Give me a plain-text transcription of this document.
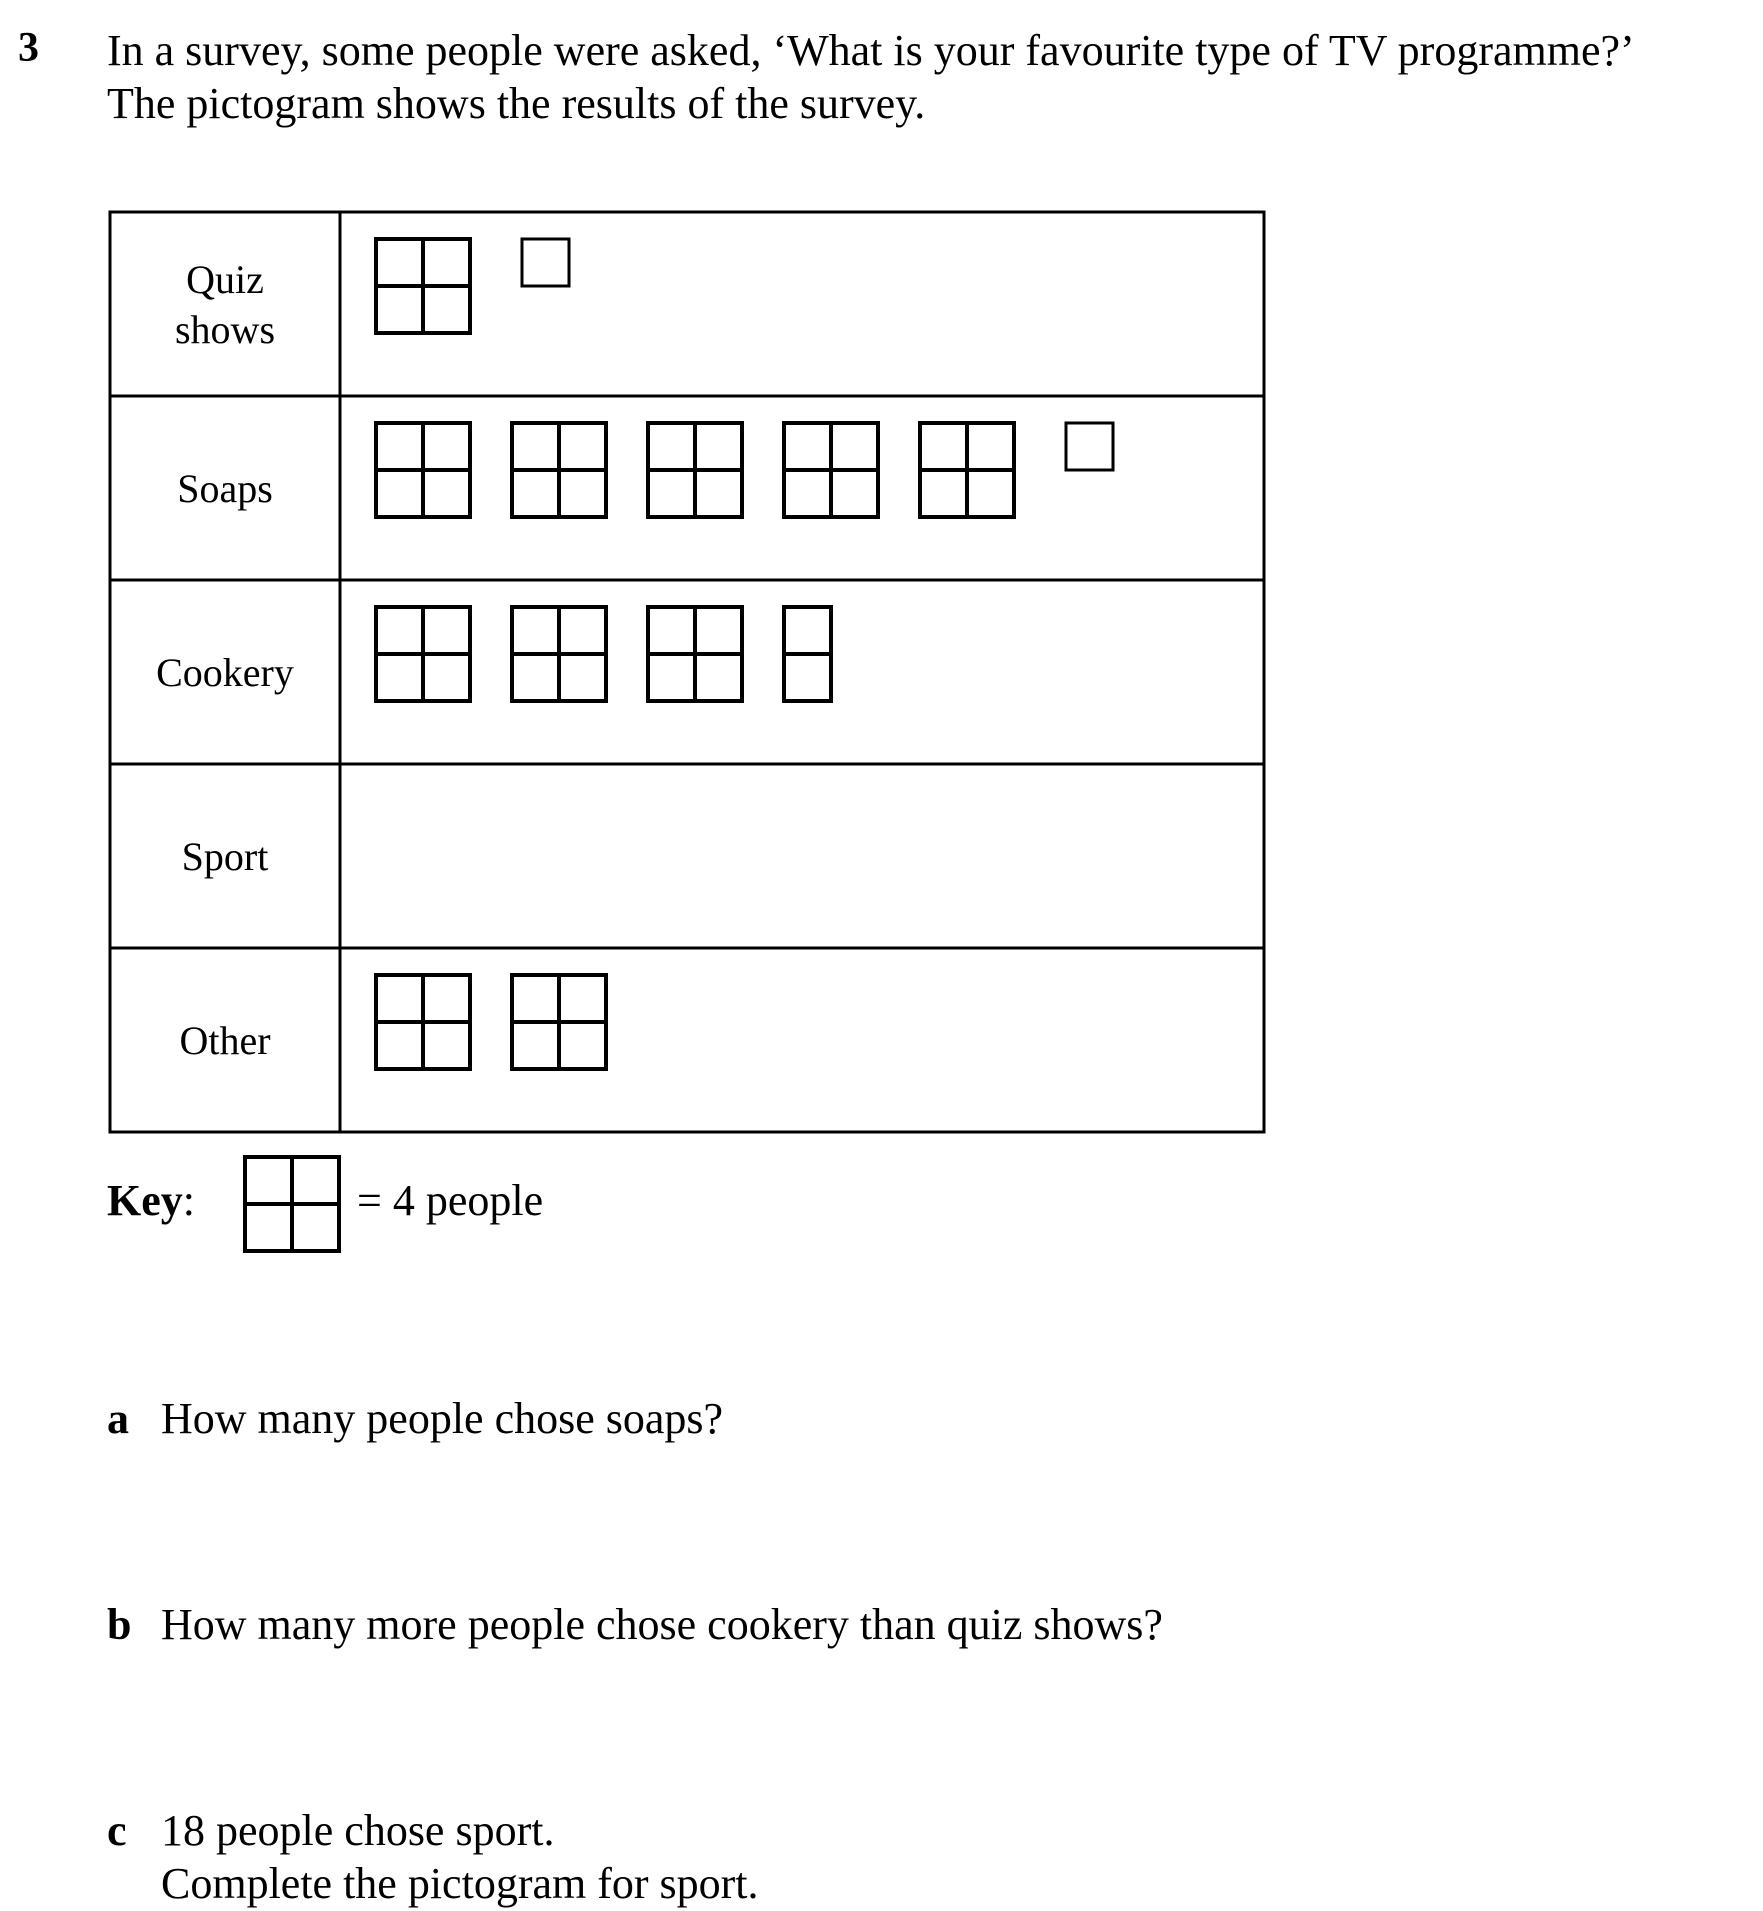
3 In a survey, some people were asked, ‘What is your favourite type of TV programme?’
The pictogram shows the results of the survey.
Quiz
shows
Soaps
Cookery
Sport
Other
Key:	= 4 people
a How many people chose soaps?
b How many more people chose cookery than quiz shows?
c 18 people chose sport.
Complete the pictogram for sport.
